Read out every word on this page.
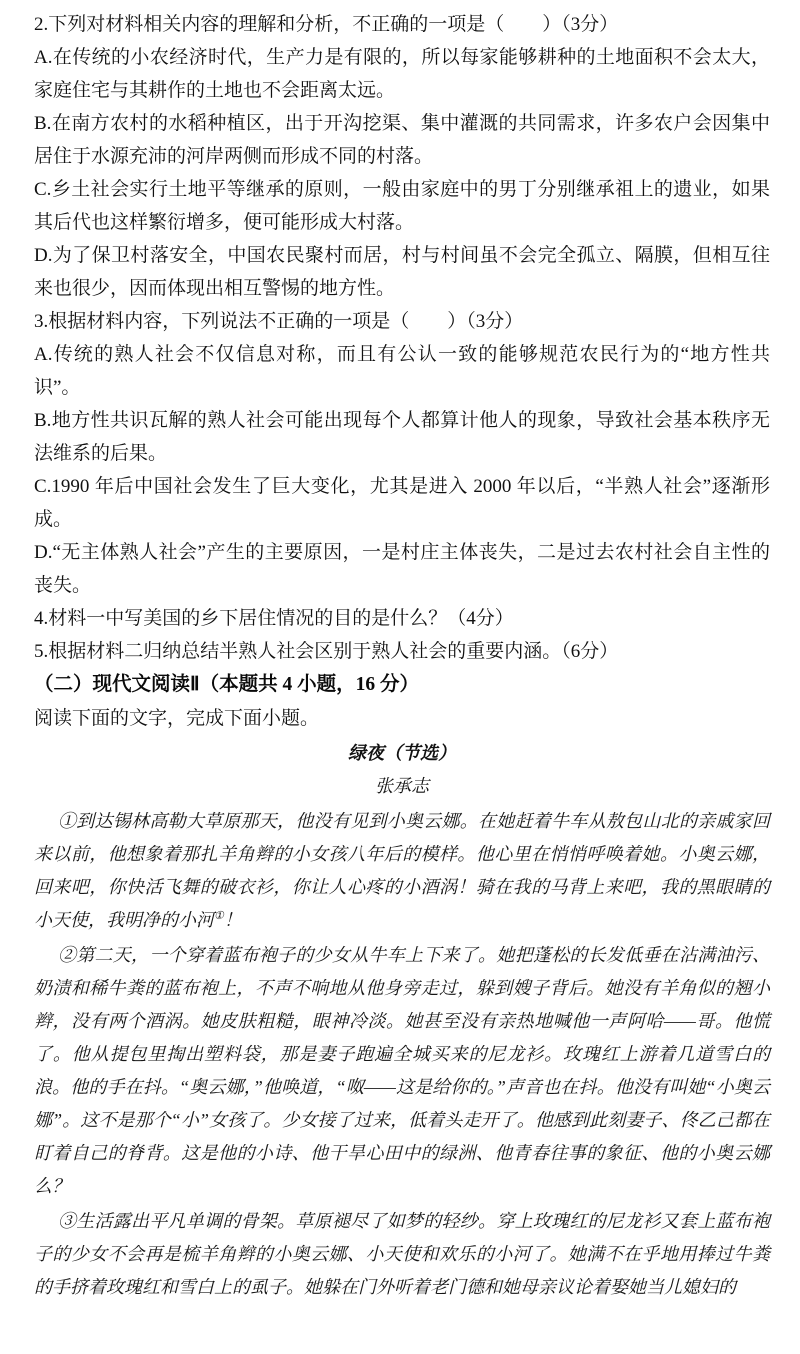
2.下列对材料相关内容的理解和分析，不正确的一项是（　　）（3分）

A.在传统的小农经济时代，生产力是有限的，所以每家能够耕种的土地面积不会太大，家庭住宅与其耕作的土地也不会距离太远。

B.在南方农村的水稻种植区，出于开沟挖渠、集中灌溉的共同需求，许多农户会因集中居住于水源充沛的河岸两侧而形成不同的村落。

C.乡土社会实行土地平等继承的原则，一般由家庭中的男丁分别继承祖上的遗业，如果其后代也这样繁衍增多，便可能形成大村落。

D.为了保卫村落安全，中国农民聚村而居，村与村间虽不会完全孤立、隔膜，但相互往来也很少，因而体现出相互警惕的地方性。

3.根据材料内容，下列说法不正确的一项是（　　）（3分）

A.传统的熟人社会不仅信息对称，而且有公认一致的能够规范农民行为的“地方性共识”。

B.地方性共识瓦解的熟人社会可能出现每个人都算计他人的现象，导致社会基本秩序无法维系的后果。

C.1990 年后中国社会发生了巨大变化，尤其是进入 2000 年以后，“半熟人社会”逐渐形成。

D.“无主体熟人社会”产生的主要原因，一是村庄主体丧失，二是过去农村社会自主性的丧失。

4.材料一中写美国的乡下居住情况的目的是什么？（4分）

5.根据材料二归纳总结半熟人社会区别于熟人社会的重要内涵。（6分）

（二）现代文阅读Ⅱ（本题共 4 小题，16 分）

阅读下面的文字，完成下面小题。

绿夜（节选）

张承志

①到达锡林高勒大草原那天，他没有见到小奥云娜。在她赶着牛车从敖包山北的亲戚家回来以前，他想象着那扎羊角辫的小女孩八年后的模样。他心里在悄悄呼唤着她。小奥云娜，回来吧，你快活飞舞的破衣衫，你让人心疼的小酒涡！骑在我的马背上来吧，我的黑眼睛的小天使，我明净的小河①！

②第二天，一个穿着蓝布袍子的少女从牛车上下来了。她把蓬松的长发低垂在沾满油污、奶渍和稀牛粪的蓝布袍上，不声不响地从他身旁走过，躲到嫂子背后。她没有羊角似的翘小辫，没有两个酒涡。她皮肤粗糙，眼神冷淡。她甚至没有亲热地喊他一声阿哈——哥。他慌了。他从提包里掏出塑料袋，那是妻子跑遍全城买来的尼龙衫。玫瑰红上游着几道雪白的浪。他的手在抖。“奥云娜，”他唤道，“呶——这是给你的。”声音也在抖。他没有叫她“小奥云娜”。这不是那个“小”女孩了。少女接了过来，低着头走开了。他感到此刻妻子、佟乙己都在盯着自己的脊背。这是他的小诗、他干旱心田中的绿洲、他青春往事的象征、他的小奥云娜么？

③生活露出平凡单调的骨架。草原褪尽了如梦的轻纱。穿上玫瑰红的尼龙衫又套上蓝布袍子的少女不会再是梳羊角辫的小奥云娜、小天使和欢乐的小河了。她满不在乎地用捧过牛粪的手挤着玫瑰红和雪白上的虱子。她躲在门外听着老门德和她母亲议论着娶她当儿媳妇的
